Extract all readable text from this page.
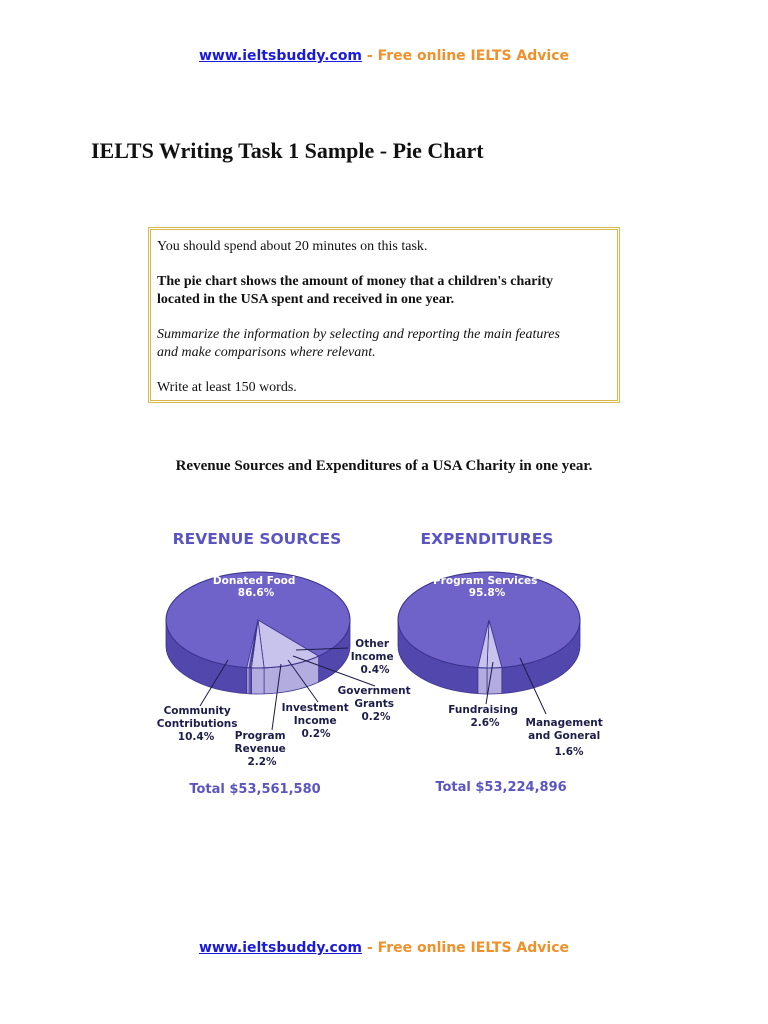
www.ieltsbuddy.com - Free online IELTS Advice
IELTS Writing Task 1 Sample - Pie Chart

You should spend about 20 minutes on this task.

The pie chart shows the amount of money that a children's charity
located in the USA spent and received in one year.

Summarize the information by selecting and reporting the main features
and make comparisons where relevant.

Write at least 150 words.

Revenue Sources and Expenditures of a USA Charity in one year.
REVENUE SOURCES
Donated Food 86.6%
Community Contributions 10.4%	Program Revenue 2.2%
Investment Income 0.2%
Government Grants 0.2%
Other Income 0.4%
Total $53,561,580
EXPENDITURES
Program Services 95.8%
Fundraising 2.6%	Management and Goneral 1.6%
Total $53,224,896
www.ieltsbuddy.com - Free online IELTS Advice
